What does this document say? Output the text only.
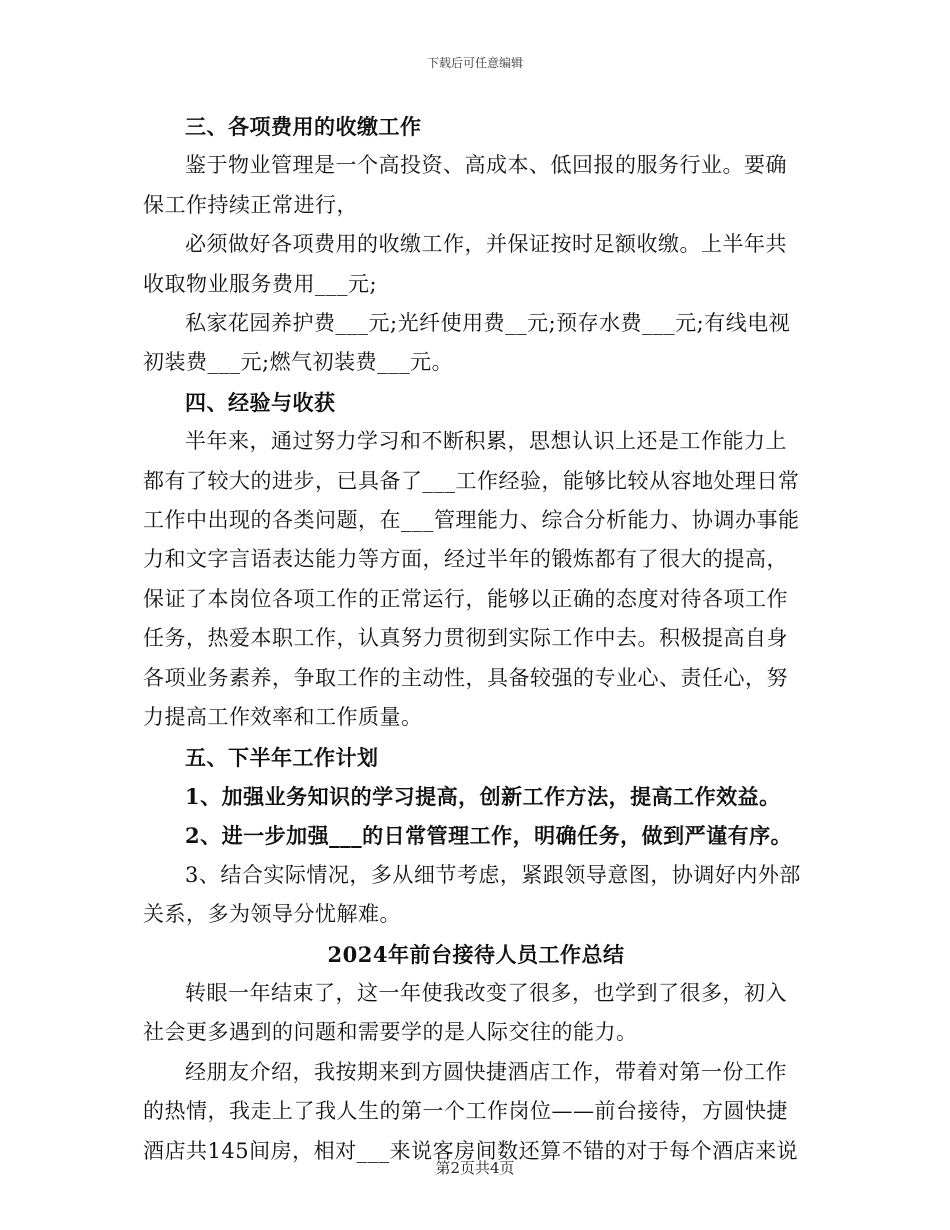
下载后可任意编辑

三、各项费用的收缴工作

鉴于物业管理是一个高投资、高成本、低回报的服务行业。要确

保工作持续正常进行，

必须做好各项费用的收缴工作，并保证按时足额收缴。上半年共

收取物业服务费用___元;

私家花园养护费___元;光纤使用费__元;预存水费___元;有线电视

初装费___元;燃气初装费___元。

四、经验与收获

半年来，通过努力学习和不断积累，思想认识上还是工作能力上

都有了较大的进步，已具备了___工作经验，能够比较从容地处理日常

工作中出现的各类问题，在___管理能力、综合分析能力、协调办事能

力和文字言语表达能力等方面，经过半年的锻炼都有了很大的提高，

保证了本岗位各项工作的正常运行，能够以正确的态度对待各项工作

任务，热爱本职工作，认真努力贯彻到实际工作中去。积极提高自身

各项业务素养，争取工作的主动性，具备较强的专业心、责任心，努

力提高工作效率和工作质量。

五、下半年工作计划

1、加强业务知识的学习提高，创新工作方法，提高工作效益。

2、进一步加强___的日常管理工作，明确任务，做到严谨有序。

3、结合实际情况，多从细节考虑，紧跟领导意图，协调好内外部

关系，多为领导分忧解难。

2024年前台接待人员工作总结

转眼一年结束了，这一年使我改变了很多，也学到了很多，初入

社会更多遇到的问题和需要学的是人际交往的能力。

经朋友介绍，我按期来到方圆快捷酒店工作，带着对第一份工作

的热情，我走上了我人生的第一个工作岗位——前台接待，方圆快捷

酒店共145间房，相对___来说客房间数还算不错的对于每个酒店来说

第2页共4页
